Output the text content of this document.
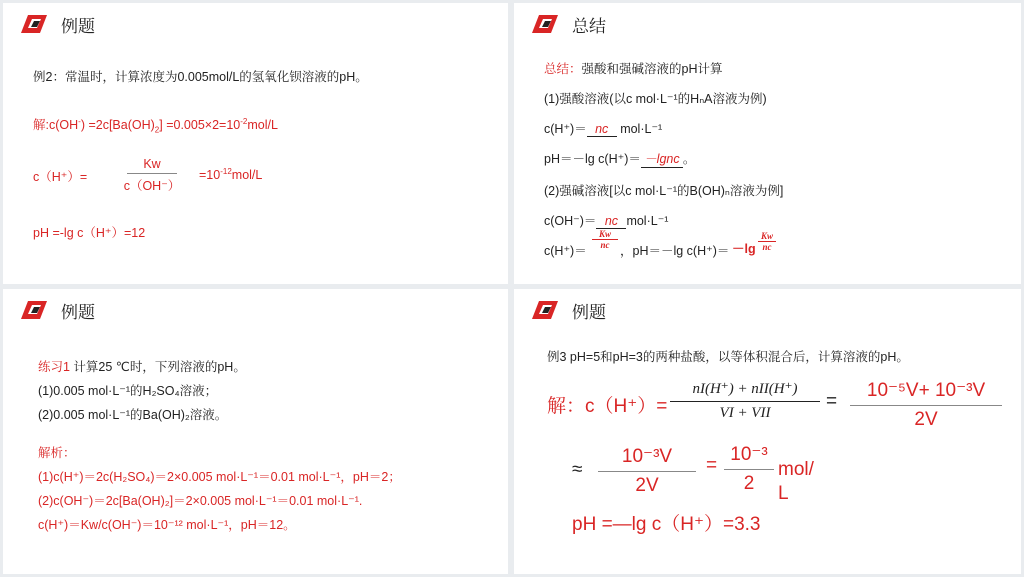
例题
例2：常温时，计算浓度为0.005mol/L的氢氧化钡溶液的pH。
解:c(OH-) $=2c[Ba(OH)_2] =0.005\times 2=10^{-2}mol/L$
c（H⁺）=
Kw
c（OH⁻）
$=10^{-12}mol/L$
pH =-lg c（H⁺）=12
总结
总结：强酸和强碱溶液的pH计算
(1)强酸溶液(以c mol·L⁻¹的HₙA溶液为例)
c(H⁺)＝ nc mol·L⁻¹
pH＝－lg c(H⁺)＝ －lgnc 。
(2)强碱溶液[以c mol·L⁻¹的B(OH)ₙ溶液为例]
c(OH⁻)＝ nc mol·L⁻¹
c(H⁺)＝
Kw
nc ，pH＝－lg c(H⁺)＝ －lg
Kw
nc
例题
练习1 计算25 ℃时，下列溶液的pH。
(1)0.005 mol·L⁻¹的H₂SO₄溶液；
(2)0.005 mol·L⁻¹的Ba(OH)₂溶液。
解析：
(1)c(H⁺)＝2c(H₂SO₄)＝2×0.005 mol·L⁻¹＝0.01 mol·L⁻¹，pH＝2；
(2)c(OH⁻)＝2c[Ba(OH)₂]＝2×0.005 mol·L⁻¹＝0.01 mol·L⁻¹.
c(H⁺)＝Kw/c(OH⁻)＝10⁻¹² mol·L⁻¹，pH＝12。
例题
例3 pH=5和pH=3的两种盐酸，以等体积混合后，计算溶液的pH。
解：c（H⁺）=
nI(H⁺) + nII(H⁺)
VI + VII
=
10⁻⁵V+ 10⁻³V
2V
≈
10⁻³V
2V
=
10⁻³
2
mol/
L
pH =—lg c（H⁺）=3.3
